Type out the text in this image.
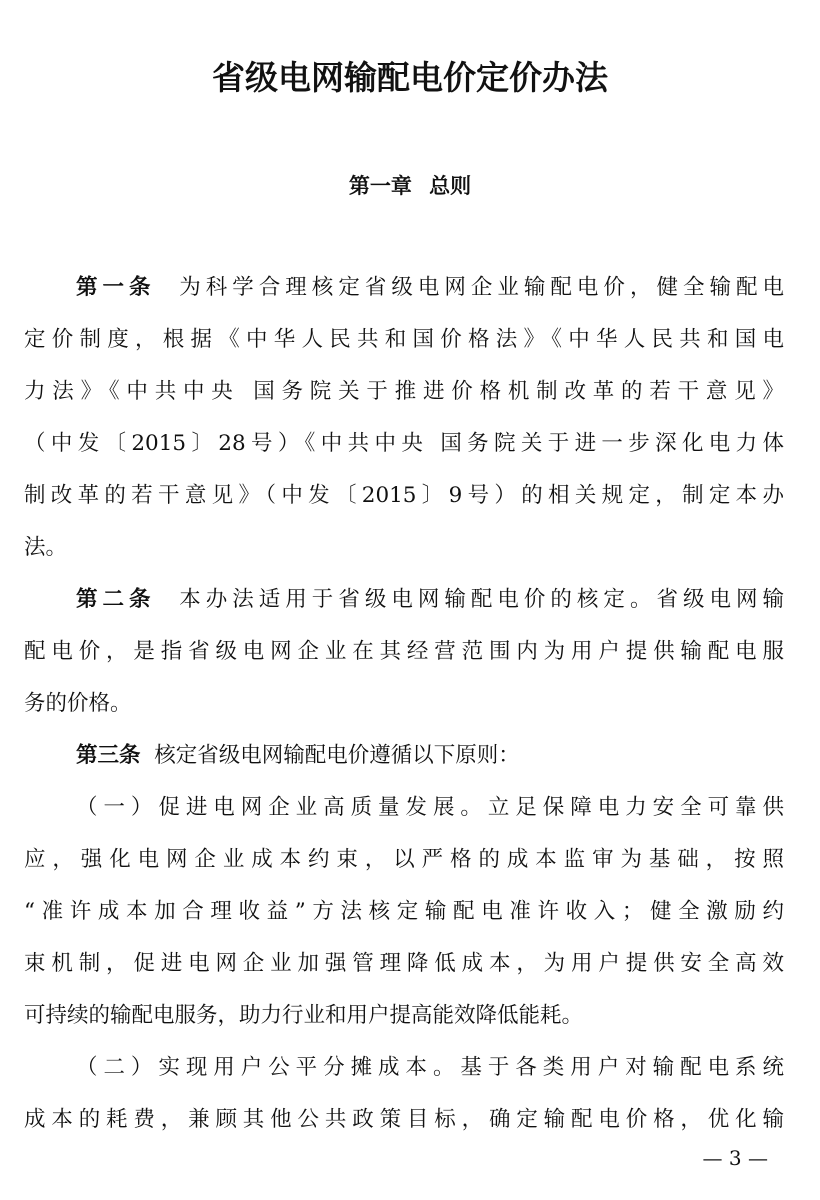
省级电网输配电价定价办法
第一章 总则
第一条 为科学合理核定省级电网企业输配电价，健全输配电
定价制度，根据《中华人民共和国价格法》《中华人民共和国电
力法》《中共中央 国务院关于推进价格机制改革的若干意见》
（中发〔2015〕28号）《中共中央 国务院关于进一步深化电力体
制改革的若干意见》（中发〔2015〕9号）的相关规定，制定本办
法。
第二条 本办法适用于省级电网输配电价的核定。省级电网输
配电价，是指省级电网企业在其经营范围内为用户提供输配电服
务的价格。
第三条 核定省级电网输配电价遵循以下原则：
（一）促进电网企业高质量发展。立足保障电力安全可靠供
应，强化电网企业成本约束，以严格的成本监审为基础，按照
“准许成本加合理收益”方法核定输配电准许收入；健全激励约
束机制，促进电网企业加强管理降低成本，为用户提供安全高效
可持续的输配电服务，助力行业和用户提高能效降低能耗。
（二）实现用户公平分摊成本。基于各类用户对输配电系统
成本的耗费，兼顾其他公共政策目标，确定输配电价格，优化输
— 3 —
